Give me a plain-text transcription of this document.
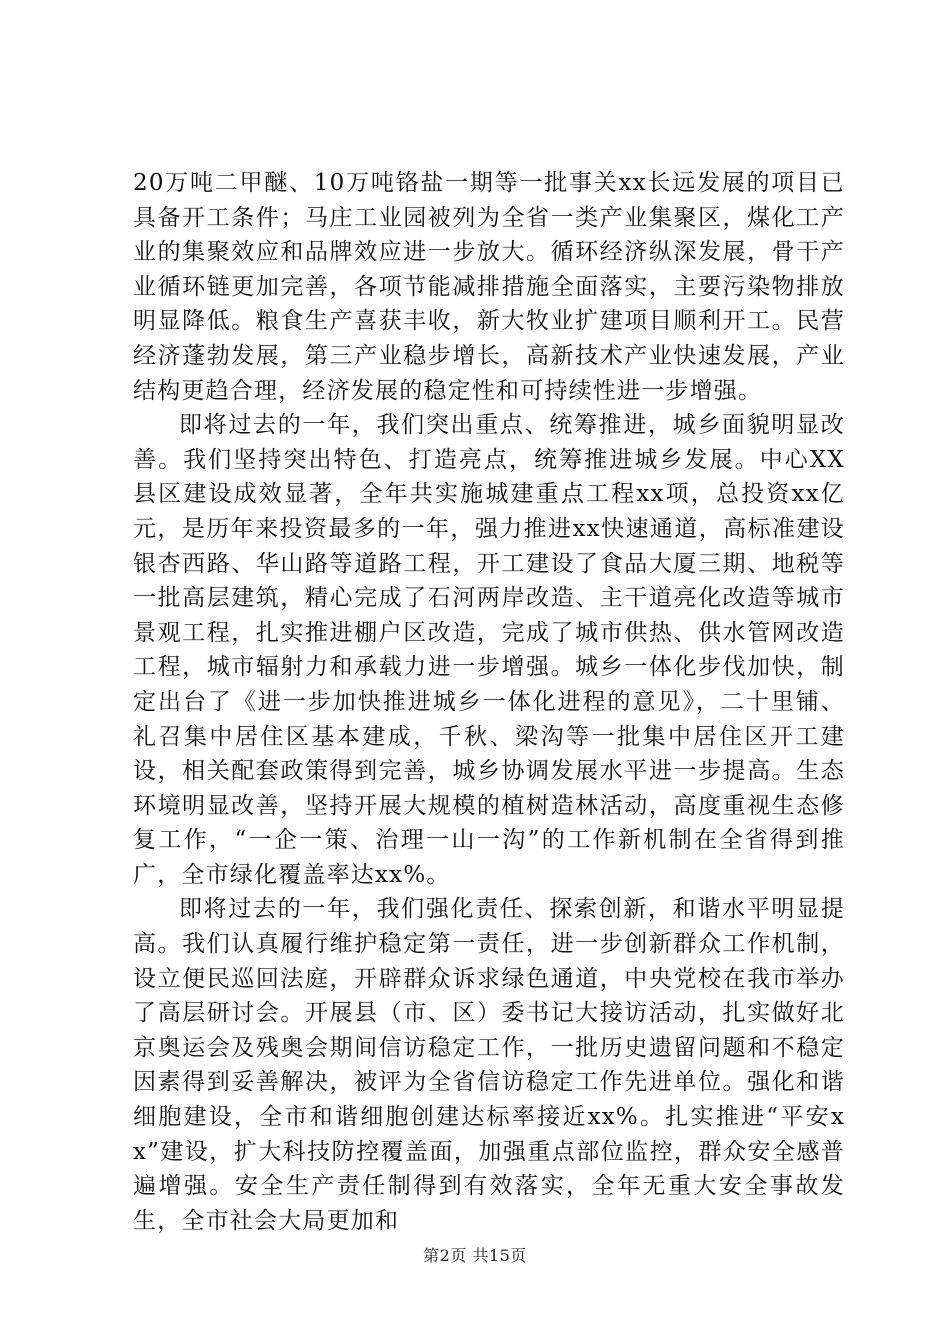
20万吨二甲醚、10万吨铬盐一期等一批事关xx长远发展的项目已具备开工条件；马庄工业园被列为全省一类产业集聚区，煤化工产业的集聚效应和品牌效应进一步放大。循环经济纵深发展，骨干产业循环链更加完善，各项节能减排措施全面落实，主要污染物排放明显降低。粮食生产喜获丰收，新大牧业扩建项目顺利开工。民营经济蓬勃发展，第三产业稳步增长，高新技术产业快速发展，产业结构更趋合理，经济发展的稳定性和可持续性进一步增强。

即将过去的一年，我们突出重点、统筹推进，城乡面貌明显改善。我们坚持突出特色、打造亮点，统筹推进城乡发展。中心XX县区建设成效显著，全年共实施城建重点工程xx项，总投资xx亿元，是历年来投资最多的一年，强力推进xx快速通道，高标准建设银杏西路、华山路等道路工程，开工建设了食品大厦三期、地税等一批高层建筑，精心完成了石河两岸改造、主干道亮化改造等城市景观工程，扎实推进棚户区改造，完成了城市供热、供水管网改造工程，城市辐射力和承载力进一步增强。城乡一体化步伐加快，制定出台了《进一步加快推进城乡一体化进程的意见》，二十里铺、礼召集中居住区基本建成，千秋、梁沟等一批集中居住区开工建设，相关配套政策得到完善，城乡协调发展水平进一步提高。生态环境明显改善，坚持开展大规模的植树造林活动，高度重视生态修复工作，“一企一策、治理一山一沟”的工作新机制在全省得到推广，全市绿化覆盖率达xx%。

即将过去的一年，我们强化责任、探索创新，和谐水平明显提高。我们认真履行维护稳定第一责任，进一步创新群众工作机制，设立便民巡回法庭，开辟群众诉求绿色通道，中央党校在我市举办了高层研讨会。开展县（市、区）委书记大接访活动，扎实做好北京奥运会及残奥会期间信访稳定工作，一批历史遗留问题和不稳定因素得到妥善解决，被评为全省信访稳定工作先进单位。强化和谐细胞建设，全市和谐细胞创建达标率接近xx%。扎实推进“平安xx”建设，扩大科技防控覆盖面，加强重点部位监控，群众安全感普遍增强。安全生产责任制得到有效落实，全年无重大安全事故发生，全市社会大局更加和

第2页 共15页
